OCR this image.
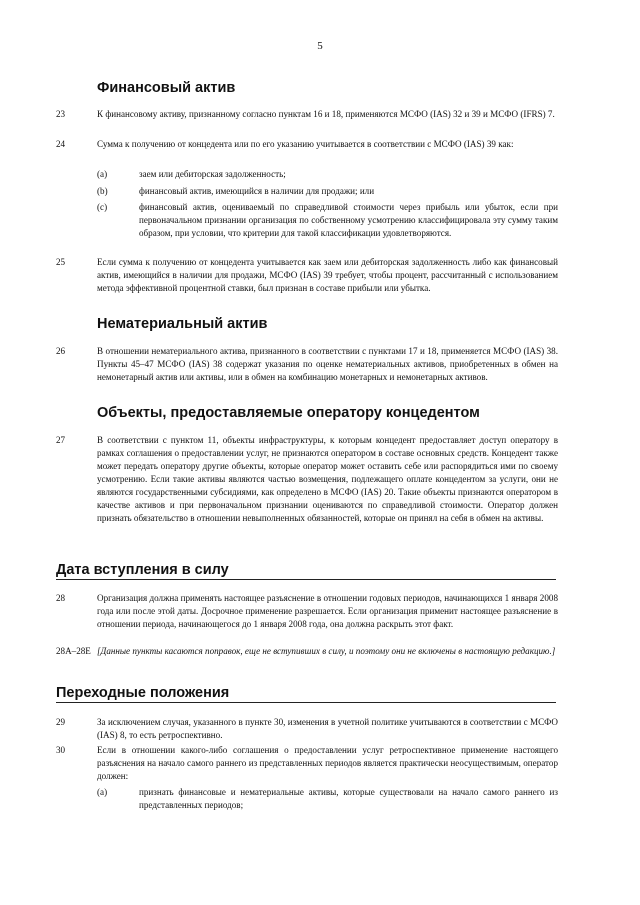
5
Финансовый актив
23	К финансовому активу, признанному согласно пунктам 16 и 18, применяются МСФО (IAS) 32 и 39 и МСФО (IFRS) 7.
24	Сумма к получению от концедента или по его указанию учитывается в соответствии с МСФО (IAS) 39 как:
(a)	заем или дебиторская задолженность;
(b)	финансовый актив, имеющийся в наличии для продажи; или
(c)	финансовый актив, оцениваемый по справедливой стоимости через прибыль или убыток, если при первоначальном признании организация по собственному усмотрению классифицировала эту сумму таким образом, при условии, что критерии для такой классификации удовлетворяются.
25	Если сумма к получению от концедента учитывается как заем или дебиторская задолженность либо как финансовый актив, имеющийся в наличии для продажи, МСФО (IAS) 39 требует, чтобы процент, рассчитанный с использованием метода эффективной процентной ставки, был признан в составе прибыли или убытка.
Нематериальный актив
26	В отношении нематериального актива, признанного в соответствии с пунктами 17 и 18, применяется МСФО (IAS) 38. Пункты 45–47 МСФО (IAS) 38 содержат указания по оценке нематериальных активов, приобретенных в обмен на немонетарный актив или активы, или в обмен на комбинацию монетарных и немонетарных активов.
Объекты, предоставляемые оператору концедентом
27	В соответствии с пунктом 11, объекты инфраструктуры, к которым концедент предоставляет доступ оператору в рамках соглашения о предоставлении услуг, не признаются оператором в составе основных средств. Концедент также может передать оператору другие объекты, которые оператор может оставить себе или распорядиться ими по своему усмотрению. Если такие активы являются частью возмещения, подлежащего оплате концедентом за услуги, они не являются государственными субсидиями, как определено в МСФО (IAS) 20. Такие объекты признаются оператором в качестве активов и при первоначальном признании оцениваются по справедливой стоимости. Оператор должен признать обязательство в отношении невыполненных обязанностей, которые он принял на себя в обмен на активы.
Дата вступления в силу
28	Организация должна применять настоящее разъяснение в отношении годовых периодов, начинающихся 1 января 2008 года или после этой даты. Досрочное применение разрешается. Если организация применит настоящее разъяснение в отношении периода, начинающегося до 1 января 2008 года, она должна раскрыть этот факт.
28A–28E [Данные пункты касаются поправок, еще не вступивших в силу, и поэтому они не включены в настоящую редакцию.]
Переходные положения
29	За исключением случая, указанного в пункте 30, изменения в учетной политике учитываются в соответствии с МСФО (IAS) 8, то есть ретроспективно.
30	Если в отношении какого-либо соглашения о предоставлении услуг ретроспективное применение настоящего разъяснения на начало самого раннего из представленных периодов является практически неосуществимым, оператор должен:
(a)	признать финансовые и нематериальные активы, которые существовали на начало самого раннего из представленных периодов;
